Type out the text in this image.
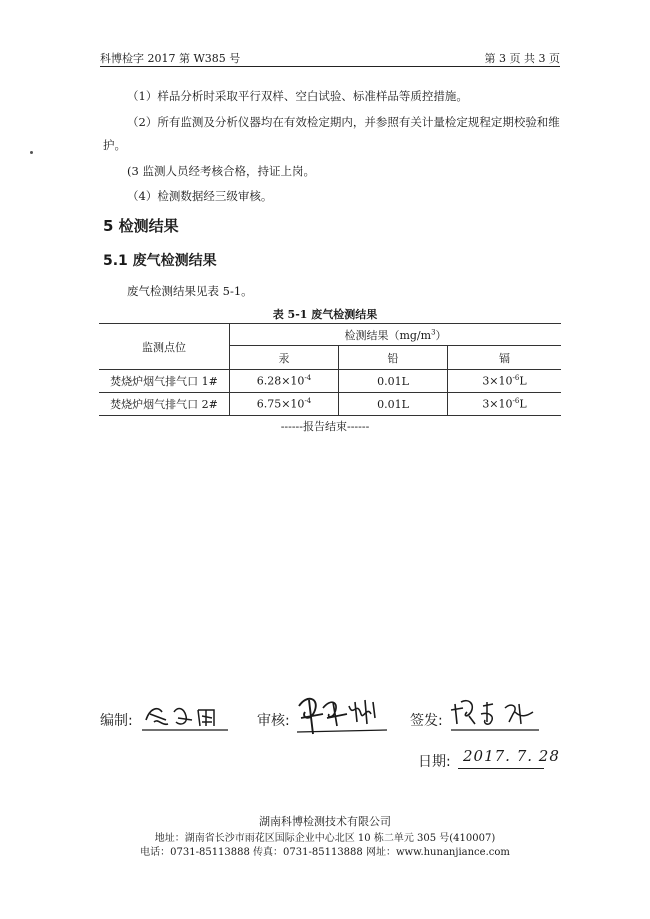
科博检字 2017 第 W385 号	第 3 页 共 3 页

（1）样品分析时采取平行双样、空白试验、标准样品等质控措施。

（2）所有监测及分析仪器均在有效检定期内，并参照有关计量检定规程定期校验和维

护。

(3 监测人员经考核合格，持证上岗。

（4）检测数据经三级审核。

5 检测结果
5.1 废气检测结果

废气检测结果见表 5-1。

表 5-1 废气检测结果
监测点位	检测结果$(mg/m^3)$		
	汞	铅	镉
焚烧炉烟气排气口 1#	$6.28\times 10^{-4}$	0.01L	$3\times 10^{-6}L$
焚烧炉烟气排气口 2#	$6.75\times 10^{-4}$	0.01L	$3\times 10^{-6}L$
------报告结束------
编制:	审核:	签发:
日期: 2017. 7. 28
湖南科博检测技术有限公司
地址：湖南省长沙市雨花区国际企业中心北区 10 栋二单元 305 号(410007)
电话：0731-85113888 传真：0731-85113888 网址：www.hunanjiance.com
